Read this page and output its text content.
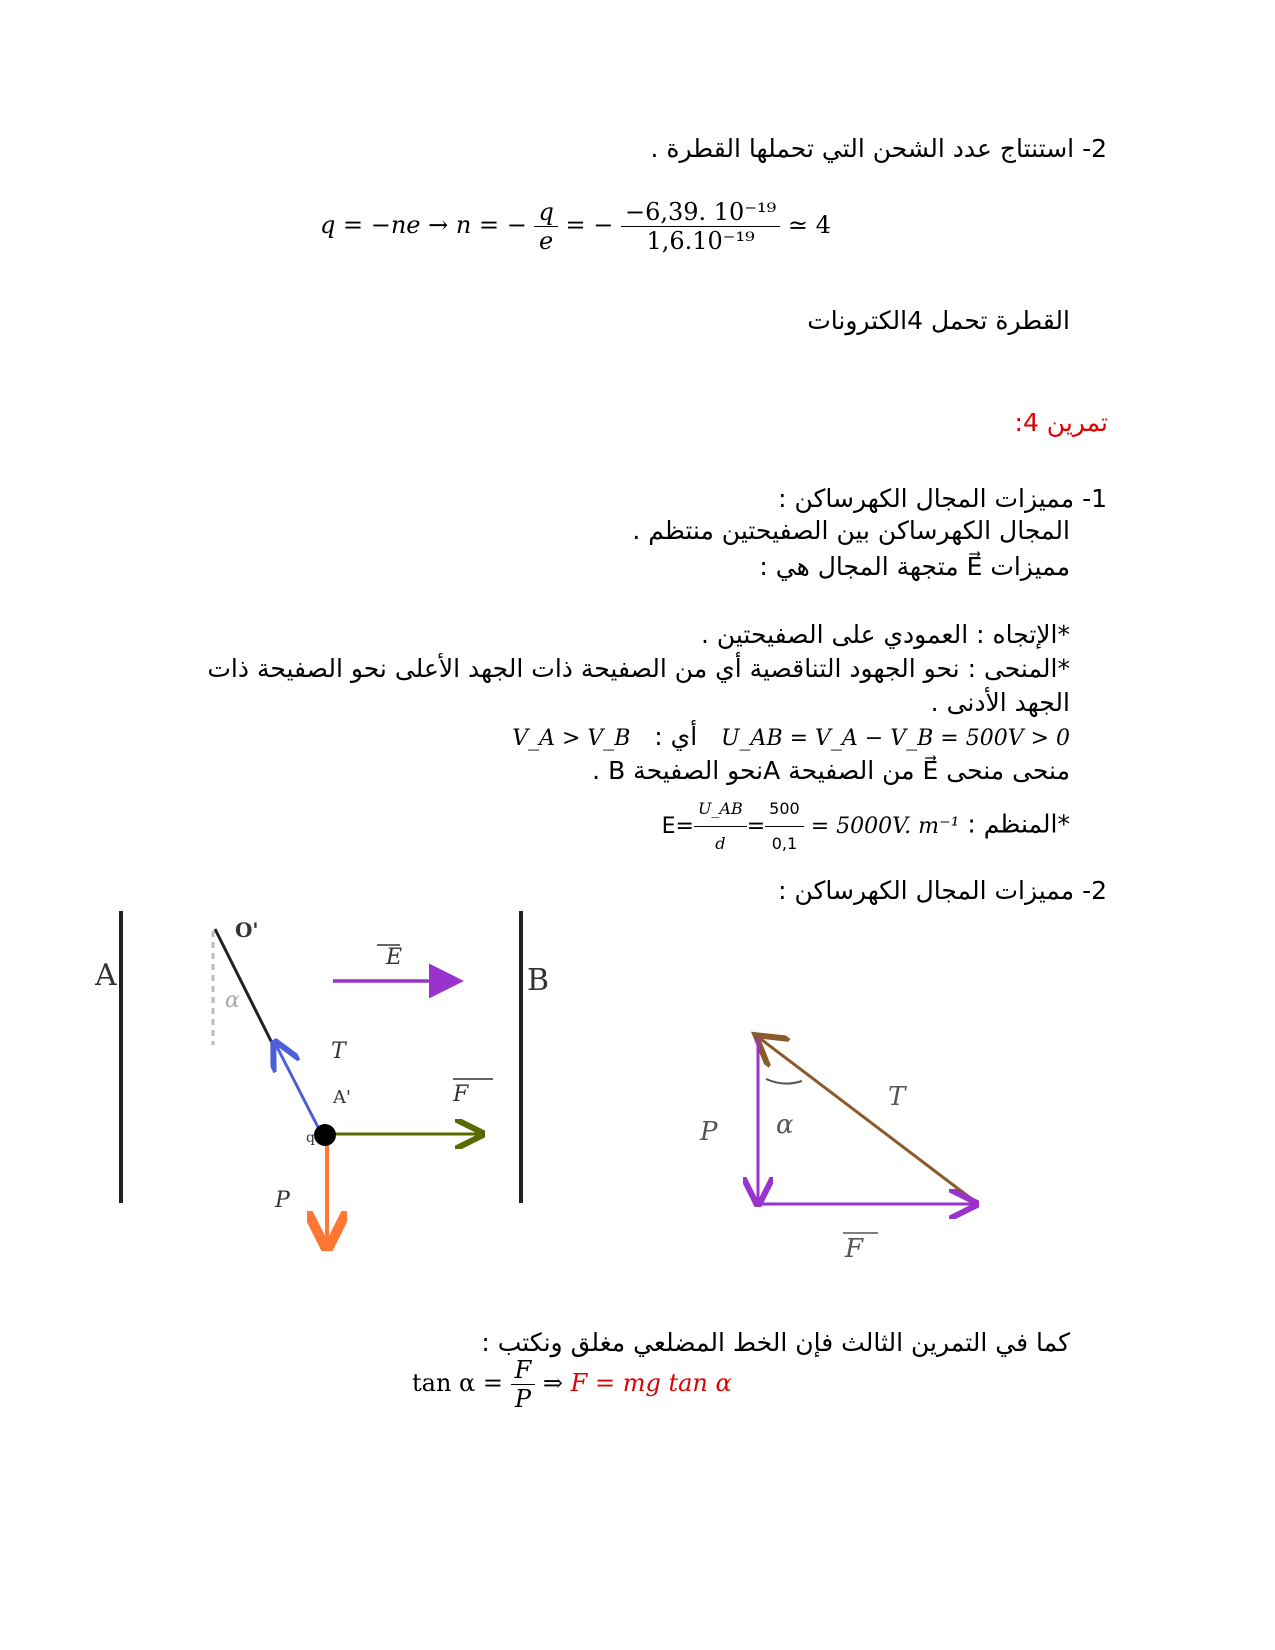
2- استنتاج عدد الشحن التي تحملها القطرة .
q = −ne → n = − $\frac{q}{e}$ = − $\frac{\text{−6,39. 10⁻¹⁹}}{\text{1,6.10⁻¹⁹}}$ ≃ 4
القطرة تحمل 4الكترونات
تمرين 4:
1- مميزات المجال الكهرساكن :
المجال الكهرساكن بين الصفيحتين منتظم .
مميزات E⃗ متجهة المجال هي :
*الإتجاه : العمودي على الصفيحتين .
*المنحى : نحو الجهود التناقصية أي من الصفيحة ذات الجهد الأعلى نحو الصفيحة ذات
الجهد الأدنى .
U_AB = V_A − V_B = 500V > 0   أي :   V_A > V_B
منحى منحى E⃗ من الصفيحة Aنحو الصفيحة B .
*المنظم : $E= \frac{U\_AB}{d} = \frac{500}{0,1} = 5000V$. m⁻¹
2- مميزات المجال الكهرساكن :
A	B
O'
α
T
E
A'	F
q
P
T
P
F
α
كما في التمرين الثالث فإن الخط المضلعي مغلق ونكتب :
$\tan \alpha = \frac{F}{P}$ ⇒ F = mg tan α
